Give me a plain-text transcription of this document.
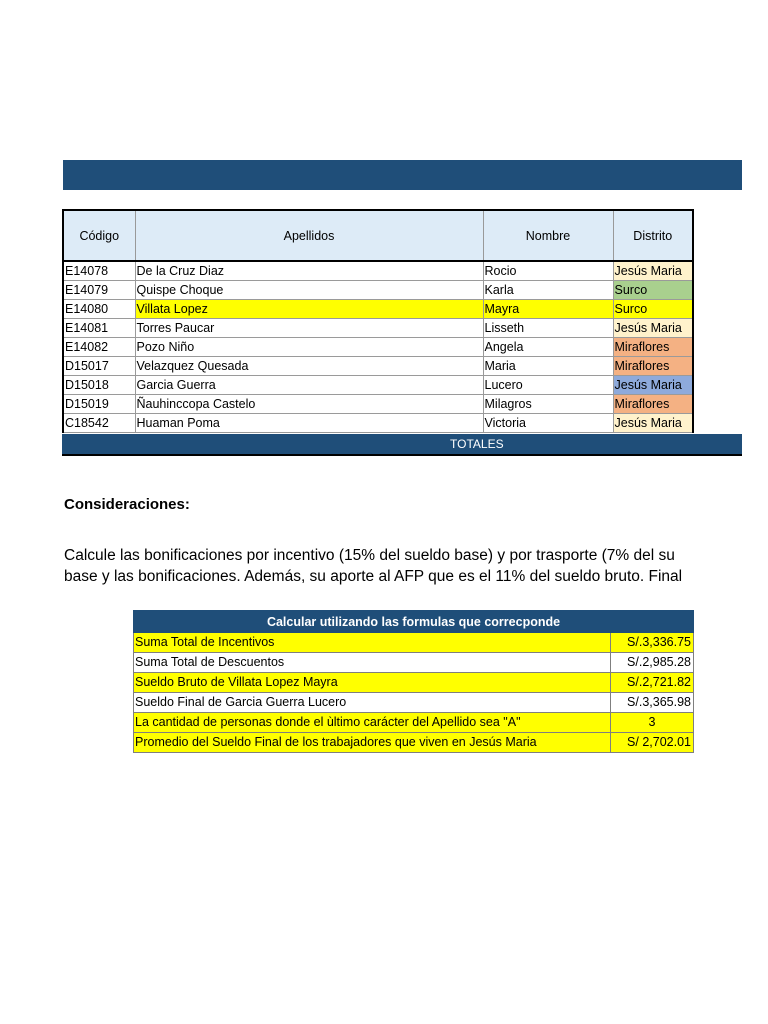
Código	Apellidos	Nombre	Distrito
E14078	De la Cruz Diaz	Rocio	Jesús Maria
E14079	Quispe Choque	Karla	Surco
E14080	Villata Lopez	Mayra	Surco
E14081	Torres Paucar	Lisseth	Jesús Maria
E14082	Pozo Niño	Angela	Miraflores
D15017	Velazquez Quesada	Maria	Miraflores
D15018	Garcia Guerra	Lucero	Jesús Maria
D15019	Ñauhinccopa Castelo	Milagros	Miraflores
C18542	Huaman Poma	Victoria	Jesús Maria
TOTALES
Consideraciones:
Calcule las bonificaciones por incentivo (15% del sueldo base) y por trasporte (7% del su
base y las bonificaciones. Además, su aporte al AFP que es el 11% del sueldo bruto. Final
Calcular utilizando las formulas que correcponde	
Suma Total de Incentivos	S/.3,336.75
Suma Total de Descuentos	S/.2,985.28
Sueldo Bruto de Villata Lopez Mayra	S/.2,721.82
Sueldo Final de Garcia Guerra Lucero	S/.3,365.98
La cantidad de personas donde el ùltimo carácter del Apellido sea "A"	3
Promedio del Sueldo Final de los trabajadores que viven en Jesús Maria	S/ 2,702.01
